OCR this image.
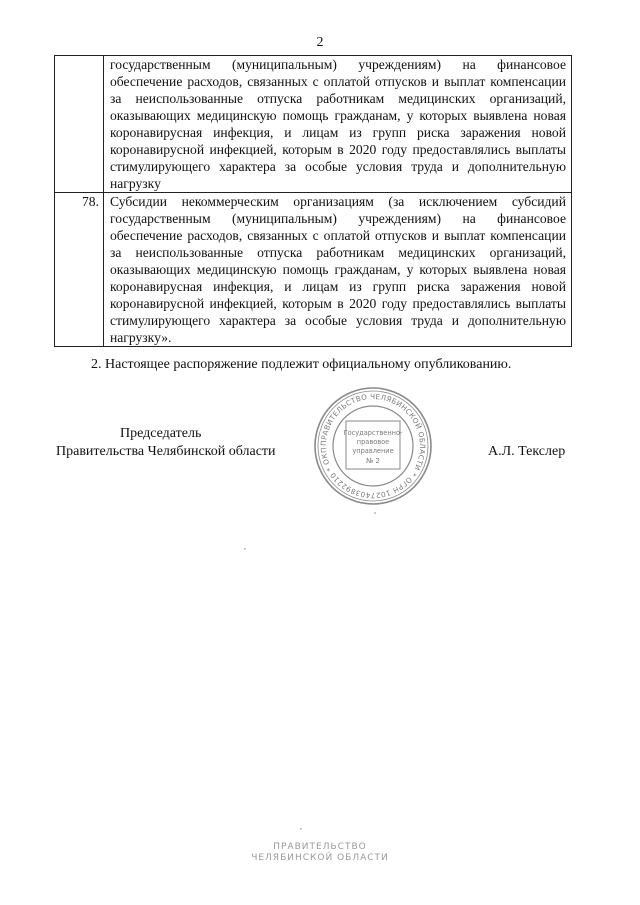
2
	государственным (муниципальным) учреждениям) на финансовое обеспечение расходов, связанных с оплатой отпусков и выплат компенсации за неиспользованные отпуска работникам медицинских организаций, оказывающих медицинскую помощь гражданам, у которых выявлена новая коронавирусная инфекция, и лицам из групп риска заражения новой коронавирусной инфекцией, которым в 2020 году предоставлялись выплаты стимулирующего характера за особые условия труда и дополнительную нагрузку
78.	Субсидии некоммерческим организациям (за исключением субсидий государственным (муниципальным) учреждениям) на финансовое обеспечение расходов, связанных с оплатой отпусков и выплат компенсации за неиспользованные отпуска работникам медицинских организаций, оказывающих медицинскую помощь гражданам, у которых выявлена новая коронавирусная инфекция, и лицам из групп риска заражения новой коронавирусной инфекцией, которым в 2020 году предоставлялись выплаты стимулирующего характера за особые условия труда и дополнительную нагрузку».
2. Настоящее распоряжение подлежит официальному опубликованию.
Председатель
Правительства Челябинской области	А.Л. Текслер
ПРАВИТЕЛЬСТВО ЧЕЛЯБИНСКОЙ ОБЛАСТИ * ОГРН 1027403892210 * ОКП
Государственно-
правовое
управление
№ 2
ПРАВИТЕЛЬСТВО
ЧЕЛЯБИНСКОЙ ОБЛАСТИ
